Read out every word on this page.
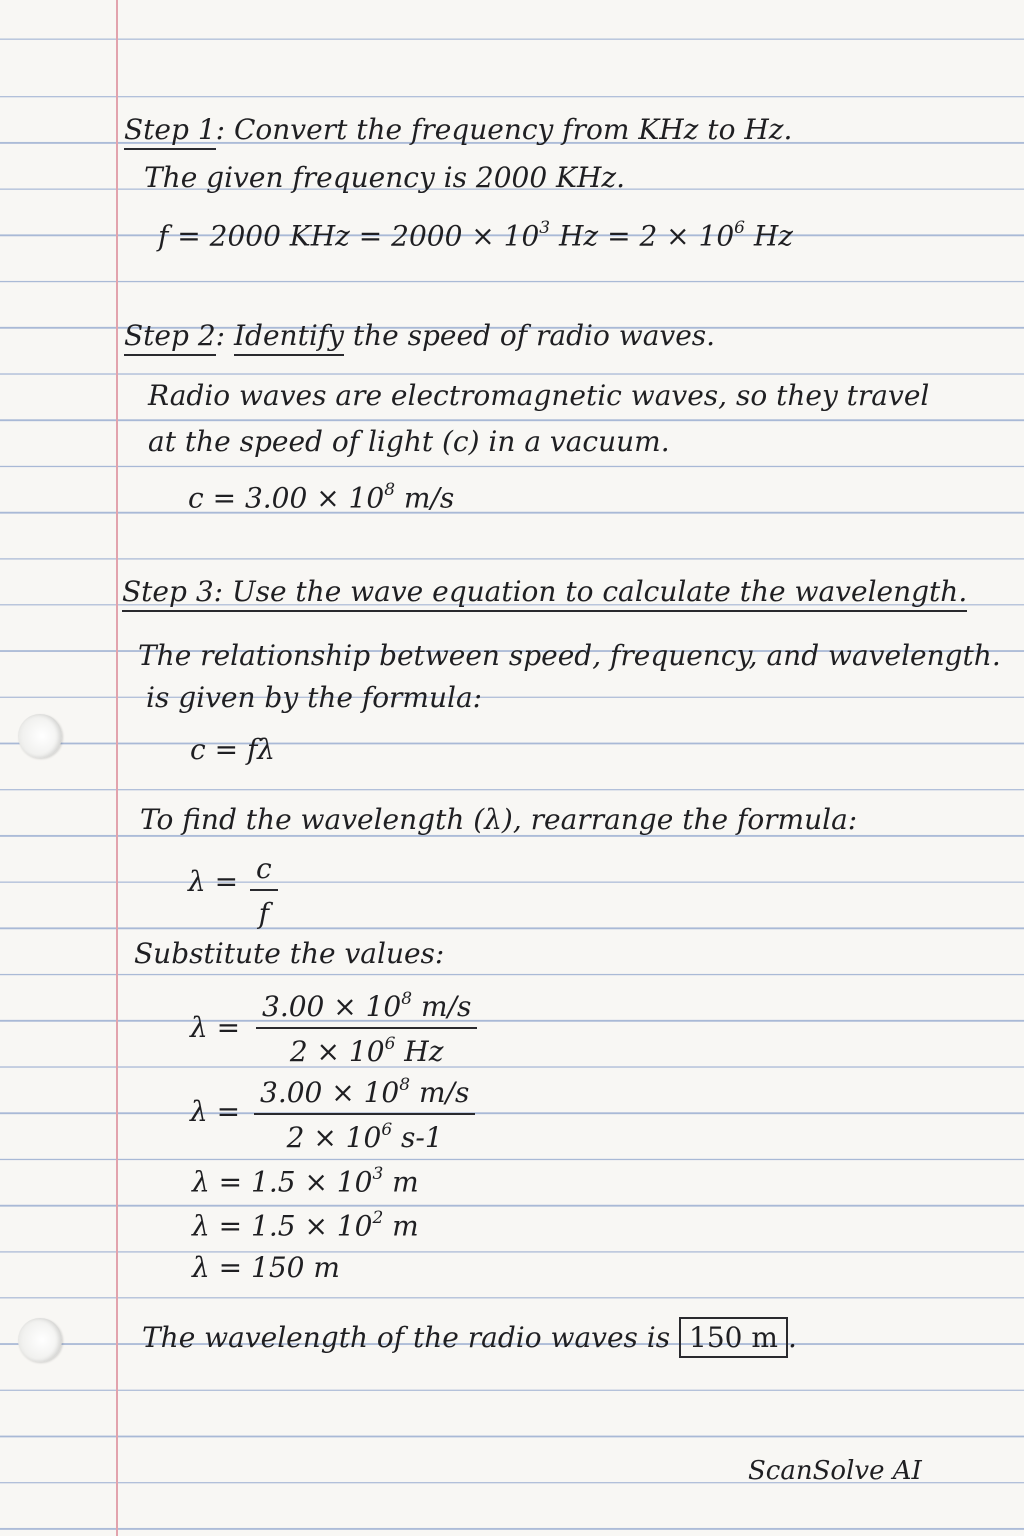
Step 1: Convert the frequency from KHz to Hz.
The given frequency is 2000 KHz.
f = 2000 KHz = $2000 \times 10^3$ $Hz = 2 \times 10^6$ Hz
Step 2: Identify the speed of radio waves.
Radio waves are electromagnetic waves, so they travel
at the speed of light (c) in a vacuum.
$c = 3.00 \times 10^8$ m/s
Step 3: Use the wave equation to calculate the wavelength.
The relationship between speed, frequency, and wavelength.
is given by the formula:
c = fλ
To find the wavelength (λ), rearrange the formula:
λ = c
f
Substitute the values:
λ =
$3.00 \times 10^8$ m/s
$2 \times 10^6$ Hz
λ =
$3.00 \times 10^8$ m/s
$2 \times 10^6$ s-1
$\lambda = 1.5 \times 10^3$ m
$\lambda = 1.5 \times 10^2$ m
λ = 150 m
The wavelength of the radio waves is 150 m .
ScanSolve AI
